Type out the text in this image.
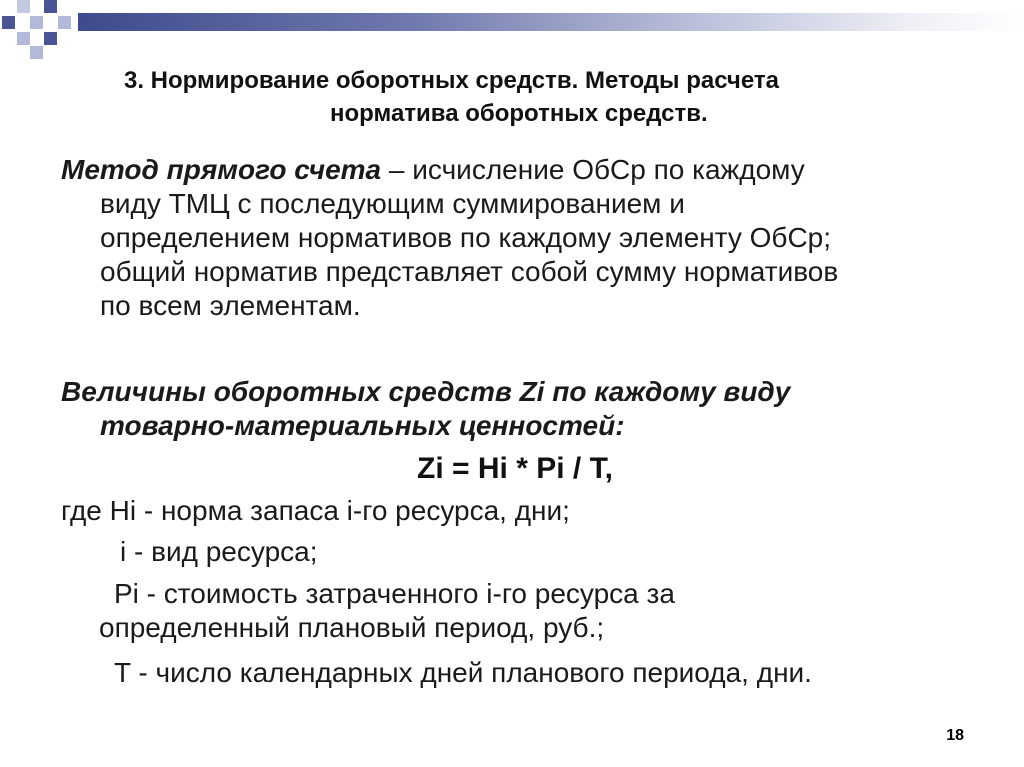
3. Нормирование оборотных средств. Методы расчета
норматива оборотных средств.
Метод прямого счета – исчисление ОбСр по каждому
виду ТМЦ с последующим суммированием и
определением нормативов по каждому элементу ОбСр;
общий норматив представляет собой сумму нормативов
по всем элементам.
Величины оборотных средств Zi по каждому виду
товарно-материальных ценностей:
Zi = Hi * Pi / T,
где Hi - норма запаса i-го ресурса, дни;
i - вид ресурса;
Pi - стоимость затраченного i-го ресурса за
определенный плановый период, руб.;
T - число календарных дней планового периода, дни.
18
